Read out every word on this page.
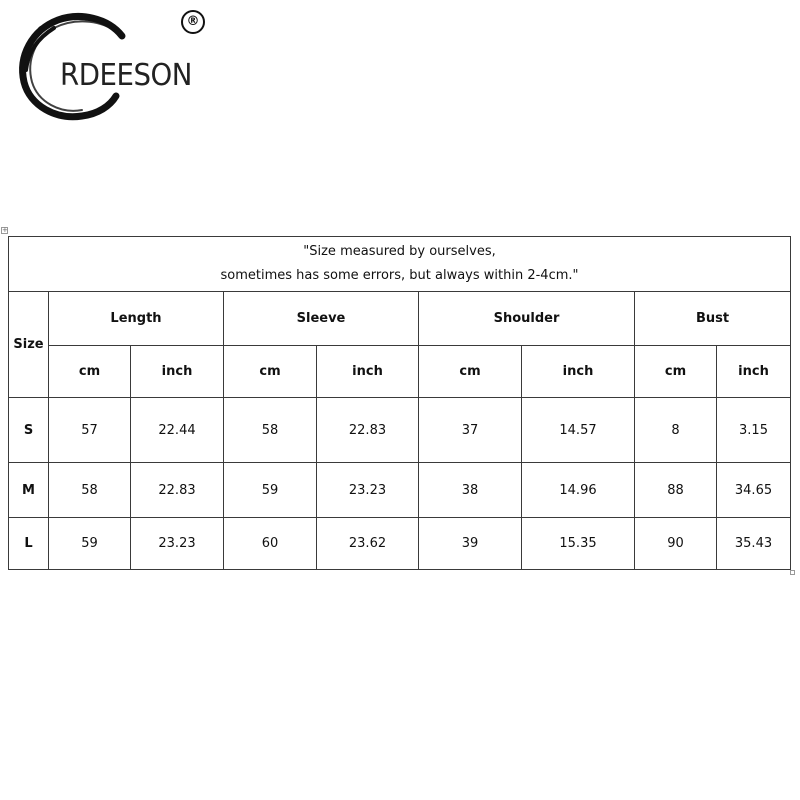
RDEESON
®
+
"Size measured by ourselves,
sometimes has some errors, but always within 2-4cm."								

Size	Length		Sleeve		Shoulder		Bust	
	cm	inch	cm	inch	cm	inch	cm	inch
S	57	22.44	58	22.83	37	14.57	8	3.15
M	58	22.83	59	23.23	38	14.96	88	34.65
L	59	23.23	60	23.62	39	15.35	90	35.43
